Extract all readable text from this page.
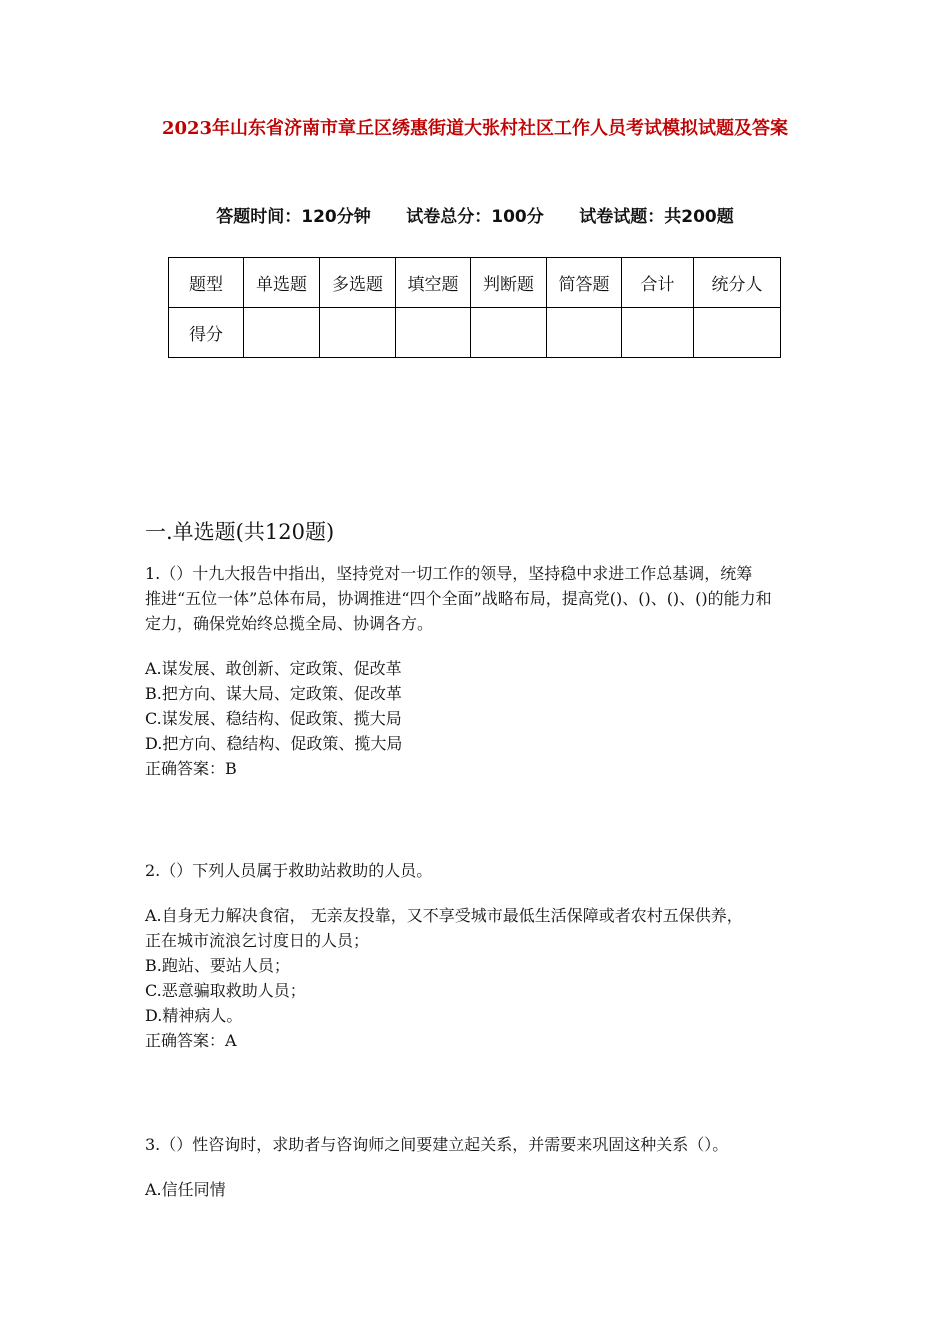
2023年山东省济南市章丘区绣惠街道大张村社区工作人员考试模拟试题及答案
答题时间：120分钟 试卷总分：100分 试卷试题：共200题
题型	单选题	多选题	填空题	判断题	简答题	合计	统分人
得分							
一.单选题(共120题)

1.（）十九大报告中指出，坚持党对一切工作的领导，坚持稳中求进工作总基调，统筹

推进“五位一体”总体布局，协调推进“四个全面”战略布局，提高党()、()、()、()的能力和

定力，确保党始终总揽全局、协调各方。

A.谋发展、敢创新、定政策、促改革

B.把方向、谋大局、定政策、促改革

C.谋发展、稳结构、促政策、揽大局

D.把方向、稳结构、促政策、揽大局

正确答案：B

2.（）下列人员属于救助站救助的人员。

A.自身无力解决食宿， 无亲友投靠，又不享受城市最低生活保障或者农村五保供养，

正在城市流浪乞讨度日的人员；

B.跑站、要站人员；

C.恶意骗取救助人员；

D.精神病人。

正确答案：A

3.（）性咨询时，求助者与咨询师之间要建立起关系，并需要来巩固这种关系（）。

A.信任同情
